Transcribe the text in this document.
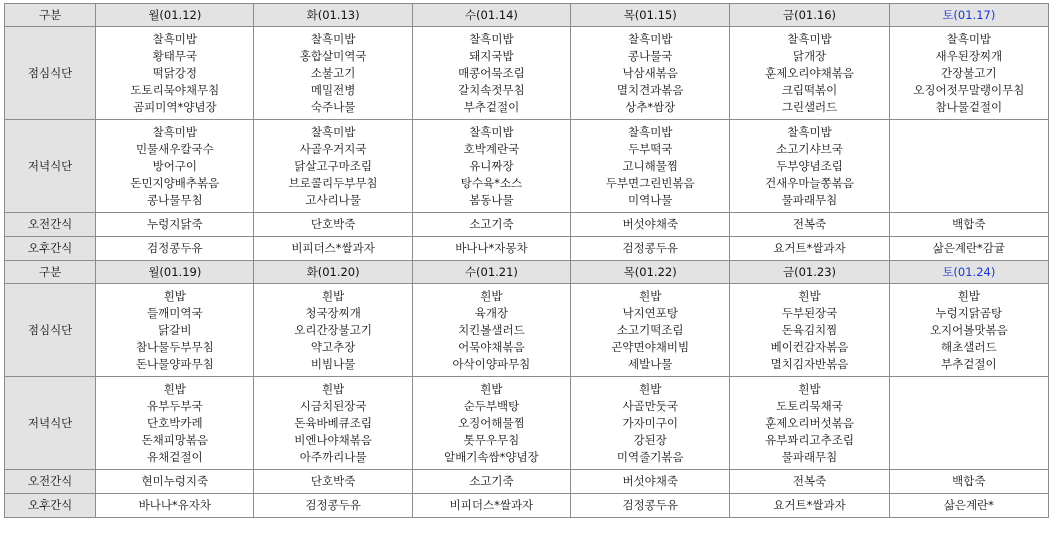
구분	월(01.12)	화(01.13)	수(01.14)	목(01.15)	금(01.16)	토(01.17)
점심식단	찰흑미밥
황태무국
떡닭강정
도토리묵야채무침
곰피미역*양념장	찰흑미밥
홍합살미역국
소불고기
메밀전병
숙주나물	찰흑미밥
돼지국밥
매콩어묵조림
갈치속젓무침
부추겉절이	찰흑미밥
콩나물국
낙삼새볶음
멸치견과볶음
상추*쌈장	찰흑미밥
닭개장
훈제오리야채볶음
크림떡볶이
그린샐러드	찰흑미밥
새우된장찌개
간장불고기
오징어젓무말랭이무침
참나물겉절이

저녁식단	찰흑미밥
민물새우칼국수
방어구이
돈민지양배추볶음
콩나물무침	찰흑미밥
사골우거지국
닭살고구마조림
브로콜리두부무침
고사리나물	찰흑미밥
호박계란국
유니짜장
탕수육*소스
봄동나물	찰흑미밥
두부떡국
고니해물찜
두부면그린빈볶음
미역나물	찰흑미밥
소고기샤브국
두부양념조림
건새우마늘쫑볶음
물파래무침	

오전간식	누렁지닭죽	단호박죽	소고기죽	버섯야채죽	전복죽	백합죽
오후간식	검정콩두유	비피더스*쌀과자	바나나*자몽차	검정콩두유	요거트*쌀과자	삶은계란*감귤
구분	월(01.19)	화(01.20)	수(01.21)	목(01.22)	금(01.23)	토(01.24)
점심식단	흰밥
들깨미역국
닭갈비
참나물두부무침
돈나물양파무침	흰밥
청국장찌개
오리간장불고기
약고추장
비빔나물	흰밥
육개장
치킨볼샐러드
어묵야채볶음
아삭이양파무침	흰밥
낙지연포탕
소고기떡조림
곤약면야채비빔
세발나물	흰밥
두부된장국
돈육김치찜
베이컨감자볶음
멸치김자반볶음	흰밥
누렁지닭곰탕
오지어볼맛볶음
해초샐러드
부추겉절이

저녁식단	흰밥
유부두부국
단호박카레
돈채피망볶음
유채겉절이	흰밥
시금치된장국
돈육바베큐조림
비엔나야채볶음
아주까리나물	흰밥
순두부백탕
오징어해물찜
톳무우무침
알배기속쌈*양념장	흰밥
사골만둣국
가자미구이
강된장
미역줄기볶음	흰밥
도토리묵채국
훈제오리버섯볶음
유부꽈리고추조림
물파래무침	

오전간식	현미누렁지죽	단호박죽	소고기죽	버섯야채죽	전복죽	백합죽
오후간식	바나나*유자차	검정콩두유	비피더스*쌀과자	검정콩두유	요거트*쌀과자	삶은계란*
